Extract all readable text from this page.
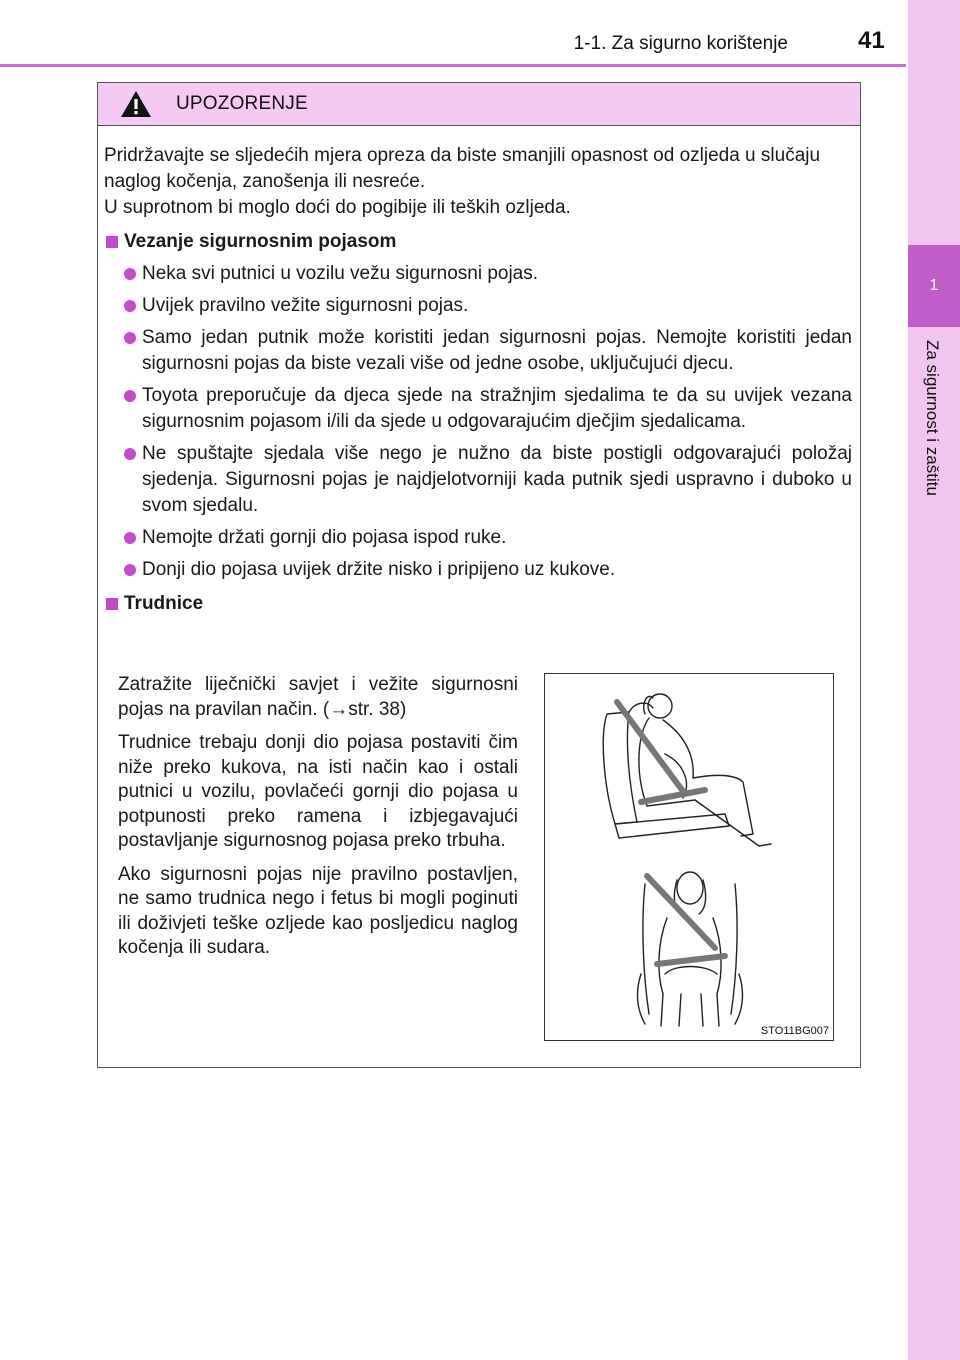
1-1. Za sigurno korištenje	41
1
Za sigurnost i zaštitu
UPOZORENJE
Pridržavajte se sljedećih mjera opreza da biste smanjili opasnost od ozljeda u slučaju naglog kočenja, zanošenja ili nesreće.
U suprotnom bi moglo doći do pogibije ili teških ozljeda.
Vezanje sigurnosnim pojasom
Neka svi putnici u vozilu vežu sigurnosni pojas.
Uvijek pravilno vežite sigurnosni pojas.
Samo jedan putnik može koristiti jedan sigurnosni pojas. Nemojte koristiti jedan sigurnosni pojas da biste vezali više od jedne osobe, uključujući djecu.
Toyota preporučuje da djeca sjede na stražnjim sjedalima te da su uvijek vezana sigurnosnim pojasom i/ili da sjede u odgovarajućim dječjim sjedalicama.
Ne spuštajte sjedala više nego je nužno da biste postigli odgovarajući položaj sjedenja. Sigurnosni pojas je najdjelotvorniji kada putnik sjedi uspravno i duboko u svom sjedalu.
Nemojte držati gornji dio pojasa ispod ruke.
Donji dio pojasa uvijek držite nisko i pripijeno uz kukove.
Trudnice

Zatražite liječnički savjet i vežite sigurnosni pojas na pravilan način. (→str. 38)

Trudnice trebaju donji dio pojasa postaviti čim niže preko kukova, na isti način kao i ostali putnici u vozilu, povlačeći gornji dio pojasa u potpunosti preko ramena i izbjegavajući postavljanje sigurnosnog pojasa preko trbuha.

Ako sigurnosni pojas nije pravilno postavljen, ne samo trudnica nego i fetus bi mogli poginuti ili doživjeti teške ozljede kao posljedicu naglog kočenja ili sudara.

STO11BG007
